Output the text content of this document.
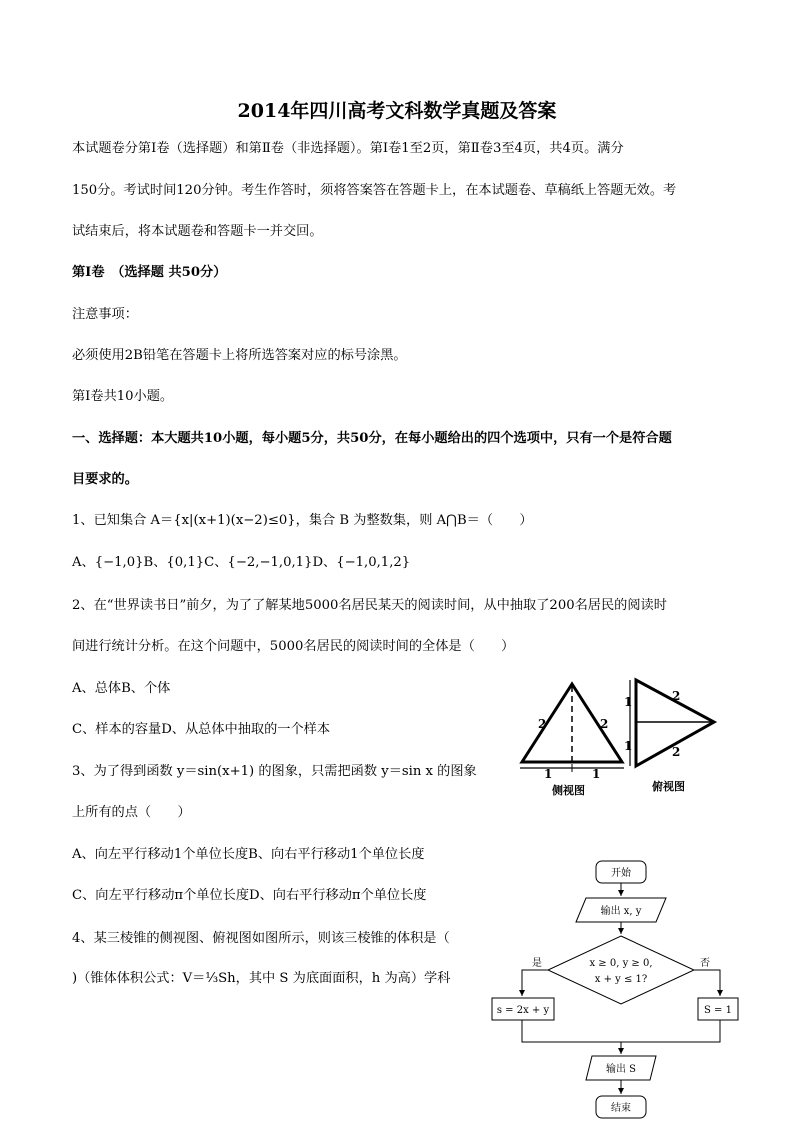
2014年四川高考文科数学真题及答案
本试题卷分第Ⅰ卷（选择题）和第Ⅱ卷（非选择题）。第Ⅰ卷1至2页，第Ⅱ卷3至4页，共4页。满分
150分。考试时间120分钟。考生作答时，须将答案答在答题卡上，在本试题卷、草稿纸上答题无效。考
试结束后，将本试题卷和答题卡一并交回。
第Ⅰ卷　（选择题 共50分）
注意事项：
必须使用2B铅笔在答题卡上将所选答案对应的标号涂黑。
第Ⅰ卷共10小题。
一、选择题：本大题共10小题，每小题5分，共50分，在每小题给出的四个选项中，只有一个是符合题
目要求的。
1、已知集合 A＝{x|(x+1)(x−2)≤0}，集合 B 为整数集，则 A⋂B＝（　　）
A、{−1,0}B、{0,1}C、{−2,−1,0,1}D、{−1,0,1,2}
2、在“世界读书日”前夕，为了了解某地5000名居民某天的阅读时间，从中抽取了200名居民的阅读时
间进行统计分析。在这个问题中，5000名居民的阅读时间的全体是（　　）
A、总体B、个体
C、样本的容量D、从总体中抽取的一个样本
3、为了得到函数 y＝sin(x+1) 的图象，只需把函数 y＝sin x 的图象
上所有的点（　　）
A、向左平行移动1个单位长度B、向右平行移动1个单位长度
C、向左平行移动π个单位长度D、向右平行移动π个单位长度
4、某三棱锥的侧视图、俯视图如图所示，则该三棱锥的体积是（
)（锥体体积公式：V＝⅓Sh，其中 S 为底面面积，h 为高）学科
2	2
1	1
侧视图
1
1
2
2
俯视图
开始
输出 x, y
x ≥ 0, y ≥ 0,
x + y ≤ 1?
是	否
s = 2x + y	S = 1
输出 S
结束
